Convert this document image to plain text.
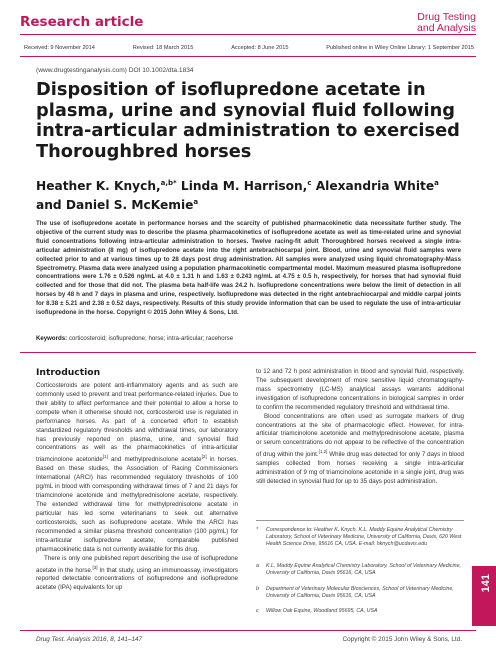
Research article	Drug Testing
and Analysis
Received: 9 November 2014	Revised: 18 March 2015	Accepted: 8 June 2015	Published online in Wiley Online Library: 1 September 2015
(www.drugtestinganalysis.com) DOI 10.1002/dta.1834
Disposition of isoflupredone acetate in plasma, urine and synovial fluid following intra-articular administration to exercised Thoroughbred horses
Heather K. Knych,$^{a,b*}$ Linda M. Harrison,$^c$ Alexandria White$^a$
and Daniel S. McKemie$^a$
The use of isoflupredone acetate in performance horses and the scarcity of published pharmacokinetic data necessitate further study. The objective of the current study was to describe the plasma pharmacokinetics of isoflupredone acetate as well as time-related urine and synovial fluid concentrations following intra-articular administration to horses. Twelve racing-fit adult Thoroughbred horses received a single intra-articular administration (8 mg) of isoflupredone acetate into the right antebrachiocarpal joint. Blood, urine and synovial fluid samples were collected prior to and at various times up to 28 days post drug administration. All samples were analyzed using liquid chromatography-Mass Spectrometry. Plasma data were analyzed using a population pharmacokinetic compartmental model. Maximum measured plasma isoflupredone concentrations were 1.76 ± 0.526 ng/mL at 4.0 ± 1.31 h and 1.63 ± 0.243 ng/mL at 4.75 ± 0.5 h, respectively, for horses that had synovial fluid collected and for those that did not. The plasma beta half-life was 24.2 h. Isoflupredone concentrations were below the limit of detection in all horses by 48 h and 7 days in plasma and urine, respectively. Isoflupredone was detected in the right antebrachiocarpal and middle carpal joints for 8.38 ± 5.21 and 2.38 ± 0.52 days, respectively. Results of this study provide information that can be used to regulate the use of intra-articular isoflupredone in the horse. Copyright © 2015 John Wiley & Sons, Ltd.
Keywords: corticosteroid; isoflupredone; horse; intra-articular; racehorse
Introduction

Corticosteroids are potent anti-inflammatory agents and as such are commonly used to prevent and treat performance-related injuries. Due to their ability to affect performance and their potential to allow a horse to compete when it otherwise should not, corticosteroid use is regulated in performance horses. As part of a concerted effort to establish standardized regulatory thresholds and withdrawal times, our laboratory has previously reported on plasma, urine, and synovial fluid concentrations as well as the pharmacokinetics of intra-articular triamcinolone acetonide[1] and methylprednisolone acetate[2] in horses. Based on these studies, the Association of Racing Commissioners International (ARCI) has recommended regulatory thresholds of 100 pg/mL in blood with corresponding withdrawal times of 7 and 21 days for triamcinolone acetonide and methylprednisolone acetate, respectively. The extended withdrawal time for methylprednisolone acetate in particular has led some veterinarians to seek out alternative corticosteroids, such as isoflupredone acetate. While the ARCI has recommended a similar plasma threshold concentration (100 pg/mL) for intra-articular isoflupredone acetate, comparable published pharmacokinetic data is not currently available for this drug.

There is only one published report describing the use of isoflupredone acetate in the horse.[3] In that study, using an immunoassay, investigators reported detectable concentrations of isoflupredone and isoflupredone acetate (IPA) equivalents for up

to 12 and 72 h post administration in blood and synovial fluid, respectively. The subsequent development of more sensitive liquid chromatography-mass spectrometry (LC-MS) analytical assays warrants additional investigation of isoflupredone concentrations in biological samples in order to confirm the recommended regulatory threshold and withdrawal time.

Blood concentrations are often used as surrogate markers of drug concentrations at the site of pharmacologic effect. However, for intra-articular triamcinolone acetonide and methylprednisolone acetate, plasma or serum concentrations do not appear to be reflective of the concentration of drug within the joint.[1,2] While drug was detected for only 7 days in blood samples collected from horses receiving a single intra-articular administration of 9 mg of triamcinolone acetonide in a single joint, drug was still detected in synovial fluid for up to 35 days post administration.

* Correspondence to: Heather K. Knych, K.L. Maddy Equine Analytical Chemistry Laboratory, School of Veterinary Medicine, University of California, Davis, 620 West Health Science Drive, 95616 CA, USA. E-mail: hknych@ucdavis.edu
a K.L. Maddy Equine Analytical Chemistry Laboratory, School of Veterinary Medicine, University of California, Davis 95616, CA, USA
b Department of Veterinary Molecular Biosciences, School of Veterinary Medicine, University of California, Davis 95616, CA, USA
c Willow Oak Equine, Woodland 95695, CA, USA
141
Drug Test. Analysis 2016, 8, 141–147	Copyright © 2015 John Wiley & Sons, Ltd.
